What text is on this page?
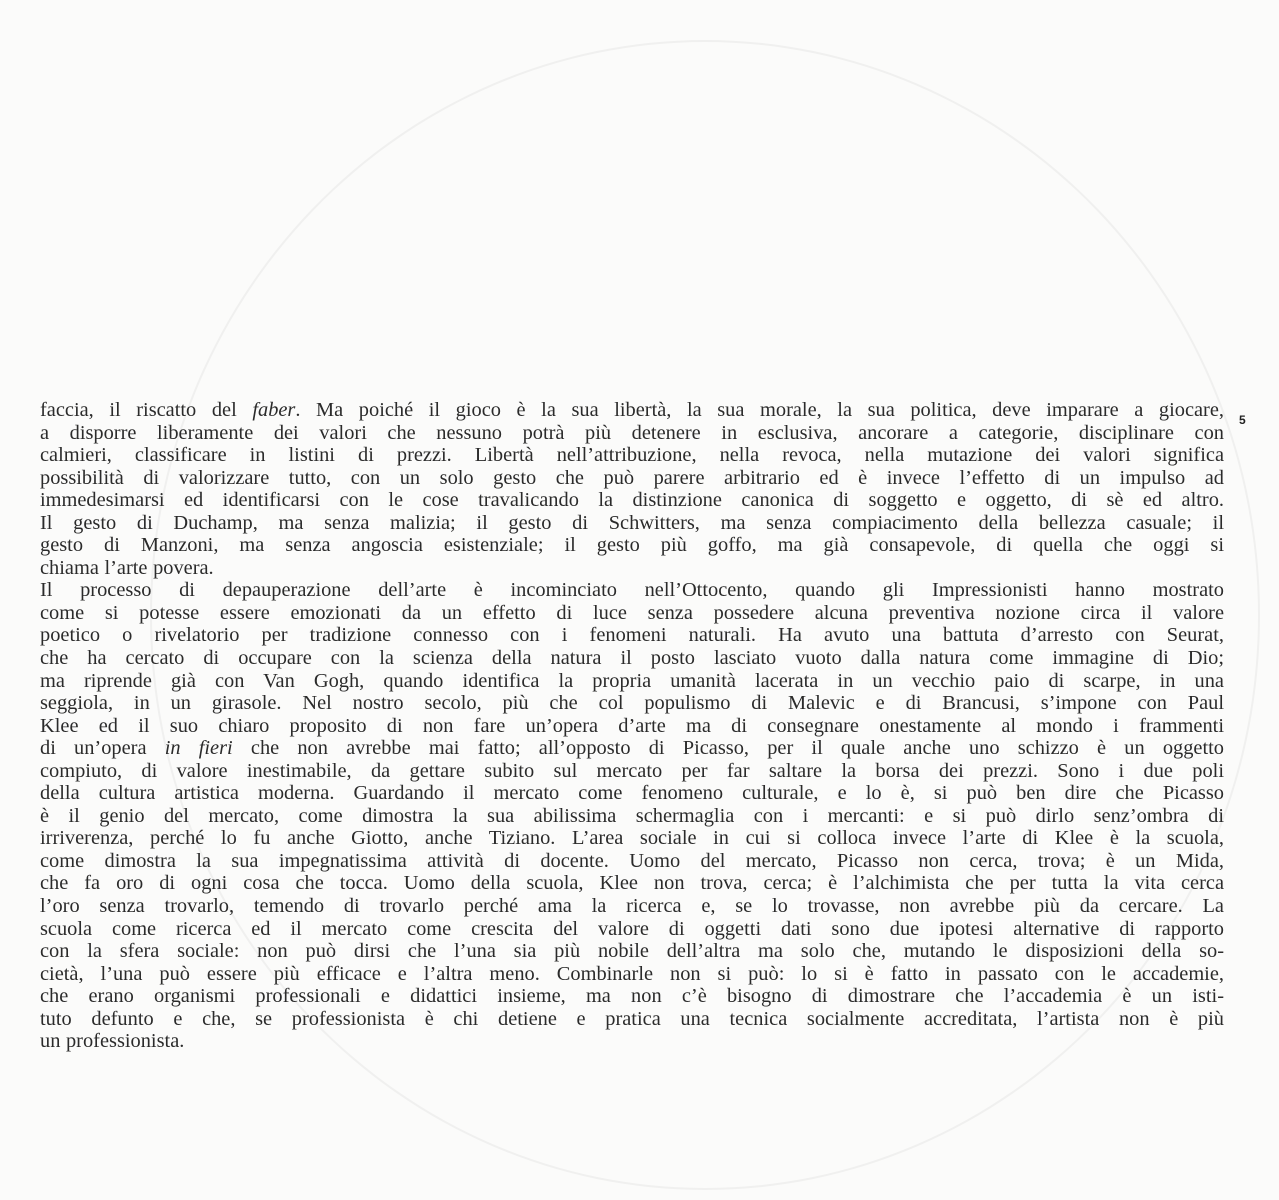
5
faccia, il riscatto del faber. Ma poiché il gioco è la sua libertà, la sua morale, la sua politica, deve imparare a giocare,
a disporre liberamente dei valori che nessuno potrà più detenere in esclusiva, ancorare a categorie, disciplinare con
calmieri, classificare in listini di prezzi. Libertà nell’attribuzione, nella revoca, nella mutazione dei valori significa
possibilità di valorizzare tutto, con un solo gesto che può parere arbitrario ed è invece l’effetto di un impulso ad
immedesimarsi ed identificarsi con le cose travalicando la distinzione canonica di soggetto e oggetto, di sè ed altro.
Il gesto di Duchamp, ma senza malizia; il gesto di Schwitters, ma senza compiacimento della bellezza casuale; il
gesto di Manzoni, ma senza angoscia esistenziale; il gesto più goffo, ma già consapevole, di quella che oggi si
chiama l’arte povera.
Il processo di depauperazione dell’arte è incominciato nell’Ottocento, quando gli Impressionisti hanno mostrato
come si potesse essere emozionati da un effetto di luce senza possedere alcuna preventiva nozione circa il valore
poetico o rivelatorio per tradizione connesso con i fenomeni naturali. Ha avuto una battuta d’arresto con Seurat,
che ha cercato di occupare con la scienza della natura il posto lasciato vuoto dalla natura come immagine di Dio;
ma riprende già con Van Gogh, quando identifica la propria umanità lacerata in un vecchio paio di scarpe, in una
seggiola, in un girasole. Nel nostro secolo, più che col populismo di Malevic e di Brancusi, s’impone con Paul
Klee ed il suo chiaro proposito di non fare un’opera d’arte ma di consegnare onestamente al mondo i frammenti
di un’opera in fieri che non avrebbe mai fatto; all’opposto di Picasso, per il quale anche uno schizzo è un oggetto
compiuto, di valore inestimabile, da gettare subito sul mercato per far saltare la borsa dei prezzi. Sono i due poli
della cultura artistica moderna. Guardando il mercato come fenomeno culturale, e lo è, si può ben dire che Picasso
è il genio del mercato, come dimostra la sua abilissima schermaglia con i mercanti: e si può dirlo senz’ombra di
irriverenza, perché lo fu anche Giotto, anche Tiziano. L’area sociale in cui si colloca invece l’arte di Klee è la scuola,
come dimostra la sua impegnatissima attività di docente. Uomo del mercato, Picasso non cerca, trova; è un Mida,
che fa oro di ogni cosa che tocca. Uomo della scuola, Klee non trova, cerca; è l’alchimista che per tutta la vita cerca
l’oro senza trovarlo, temendo di trovarlo perché ama la ricerca e, se lo trovasse, non avrebbe più da cercare. La
scuola come ricerca ed il mercato come crescita del valore di oggetti dati sono due ipotesi alternative di rapporto
con la sfera sociale: non può dirsi che l’una sia più nobile dell’altra ma solo che, mutando le disposizioni della so-
cietà, l’una può essere più efficace e l’altra meno. Combinarle non si può: lo si è fatto in passato con le accademie,
che erano organismi professionali e didattici insieme, ma non c’è bisogno di dimostrare che l’accademia è un isti-
tuto defunto e che, se professionista è chi detiene e pratica una tecnica socialmente accreditata, l’artista non è più
un professionista.
